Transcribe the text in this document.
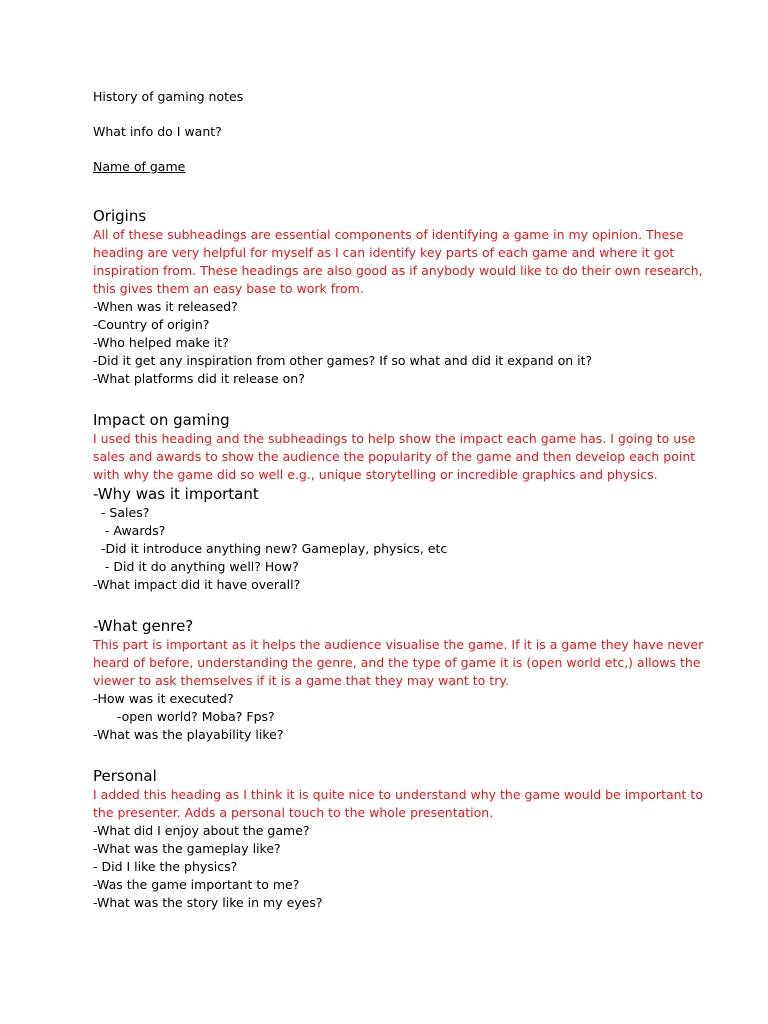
History of gaming notes
What info do I want?
Name of game
Origins
All of these subheadings are essential components of identifying a game in my opinion. These heading are very helpful for myself as I can identify key parts of each game and where it got inspiration from. These headings are also good as if anybody would like to do their own research, this gives them an easy base to work from.
-When was it released?
-Country of origin?
-Who helped make it?
-Did it get any inspiration from other games? If so what and did it expand on it?
-What platforms did it release on?
Impact on gaming
I used this heading and the subheadings to help show the impact each game has. I going to use sales and awards to show the audience the popularity of the game and then develop each point with why the game did so well e.g., unique storytelling or incredible graphics and physics.
-Why was it important
- Sales?
- Awards?
-Did it introduce anything new? Gameplay, physics, etc
- Did it do anything well? How?
-What impact did it have overall?
-What genre?
This part is important as it helps the audience visualise the game. If it is a game they have never heard of before, understanding the genre, and the type of game it is (open world etc,) allows the viewer to ask themselves if it is a game that they may want to try.
-How was it executed?
-open world? Moba? Fps?
-What was the playability like?
Personal
I added this heading as I think it is quite nice to understand why the game would be important to the presenter. Adds a personal touch to the whole presentation.
-What did I enjoy about the game?
-What was the gameplay like?
- Did I like the physics?
-Was the game important to me?
-What was the story like in my eyes?
